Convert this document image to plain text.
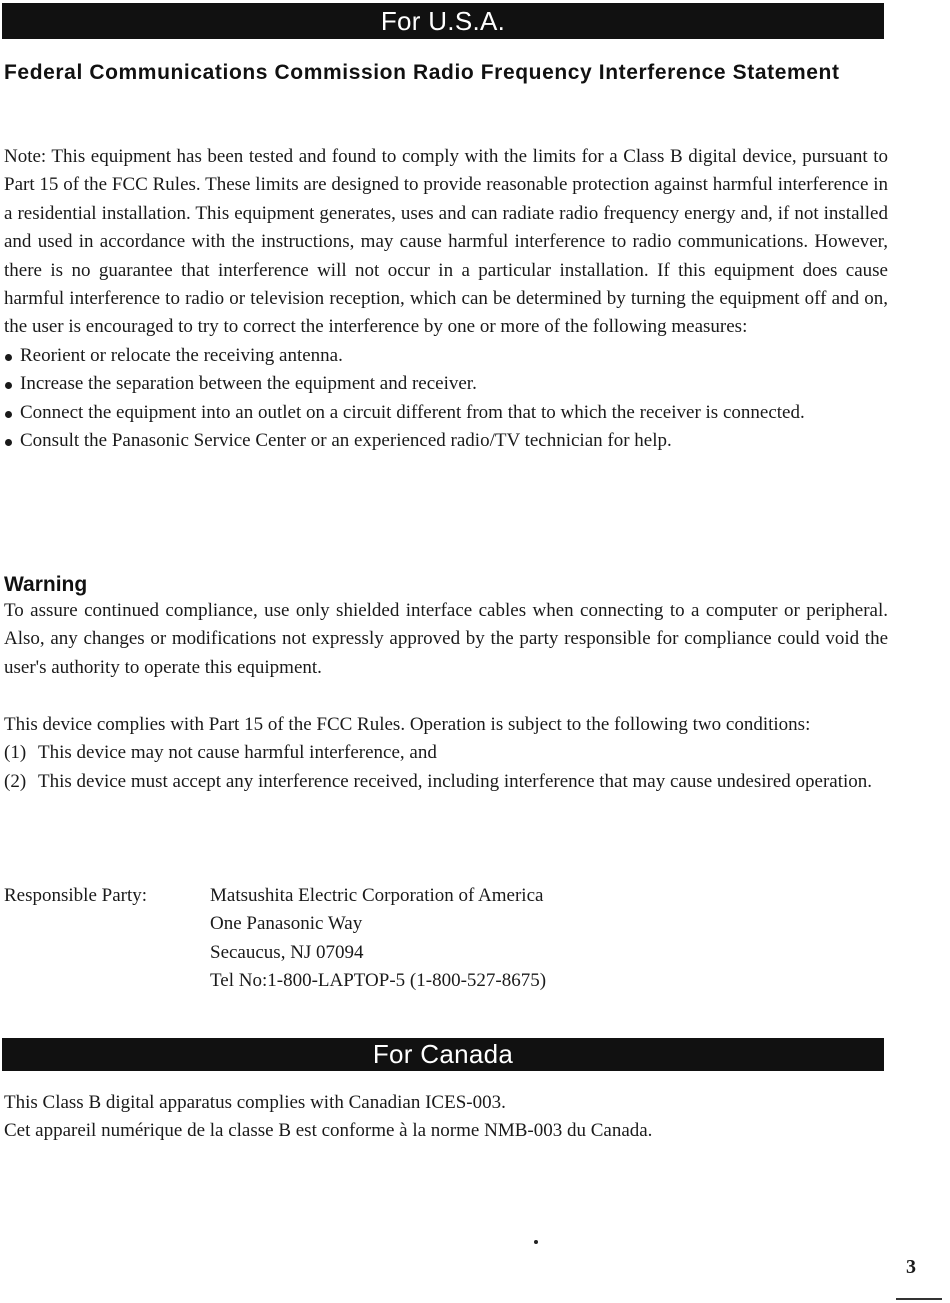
For U.S.A.
Federal Communications Commission Radio Frequency Interference Statement

Note: This equipment has been tested and found to comply with the limits for a Class B digital device, pursuant to Part 15 of the FCC Rules. These limits are designed to provide reasonable protection against harmful interference in a residential installation. This equipment generates, uses and can radiate radio frequency energy and, if not installed and used in accordance with the instructions, may cause harmful interference to radio communications. However, there is no guarantee that interference will not occur in a particular installation. If this equipment does cause harmful interference to radio or television reception, which can be determined by turning the equipment off and on, the user is encouraged to try to correct the interference by one or more of the following measures:

Reorient or relocate the receiving antenna.
Increase the separation between the equipment and receiver.
Connect the equipment into an outlet on a circuit different from that to which the receiver is connected.
Consult the Panasonic Service Center or an experienced radio/TV technician for help.
Warning

To assure continued compliance, use only shielded interface cables when connecting to a computer or peripheral. Also, any changes or modifications not expressly approved by the party responsible for compliance could void the user's authority to operate this equipment.

This device complies with Part 15 of the FCC Rules. Operation is subject to the following two conditions:

(1) This device may not cause harmful interference, and
(2) This device must accept any interference received, including interference that may cause undesired operation.
Responsible Party:	Matsushita Electric Corporation of America
One Panasonic Way
Secaucus, NJ 07094
Tel No:1-800-LAPTOP-5 (1-800-527-8675)
For Canada

This Class B digital apparatus complies with Canadian ICES-003.

Cet appareil numérique de la classe B est conforme à la norme NMB-003 du Canada.

3
